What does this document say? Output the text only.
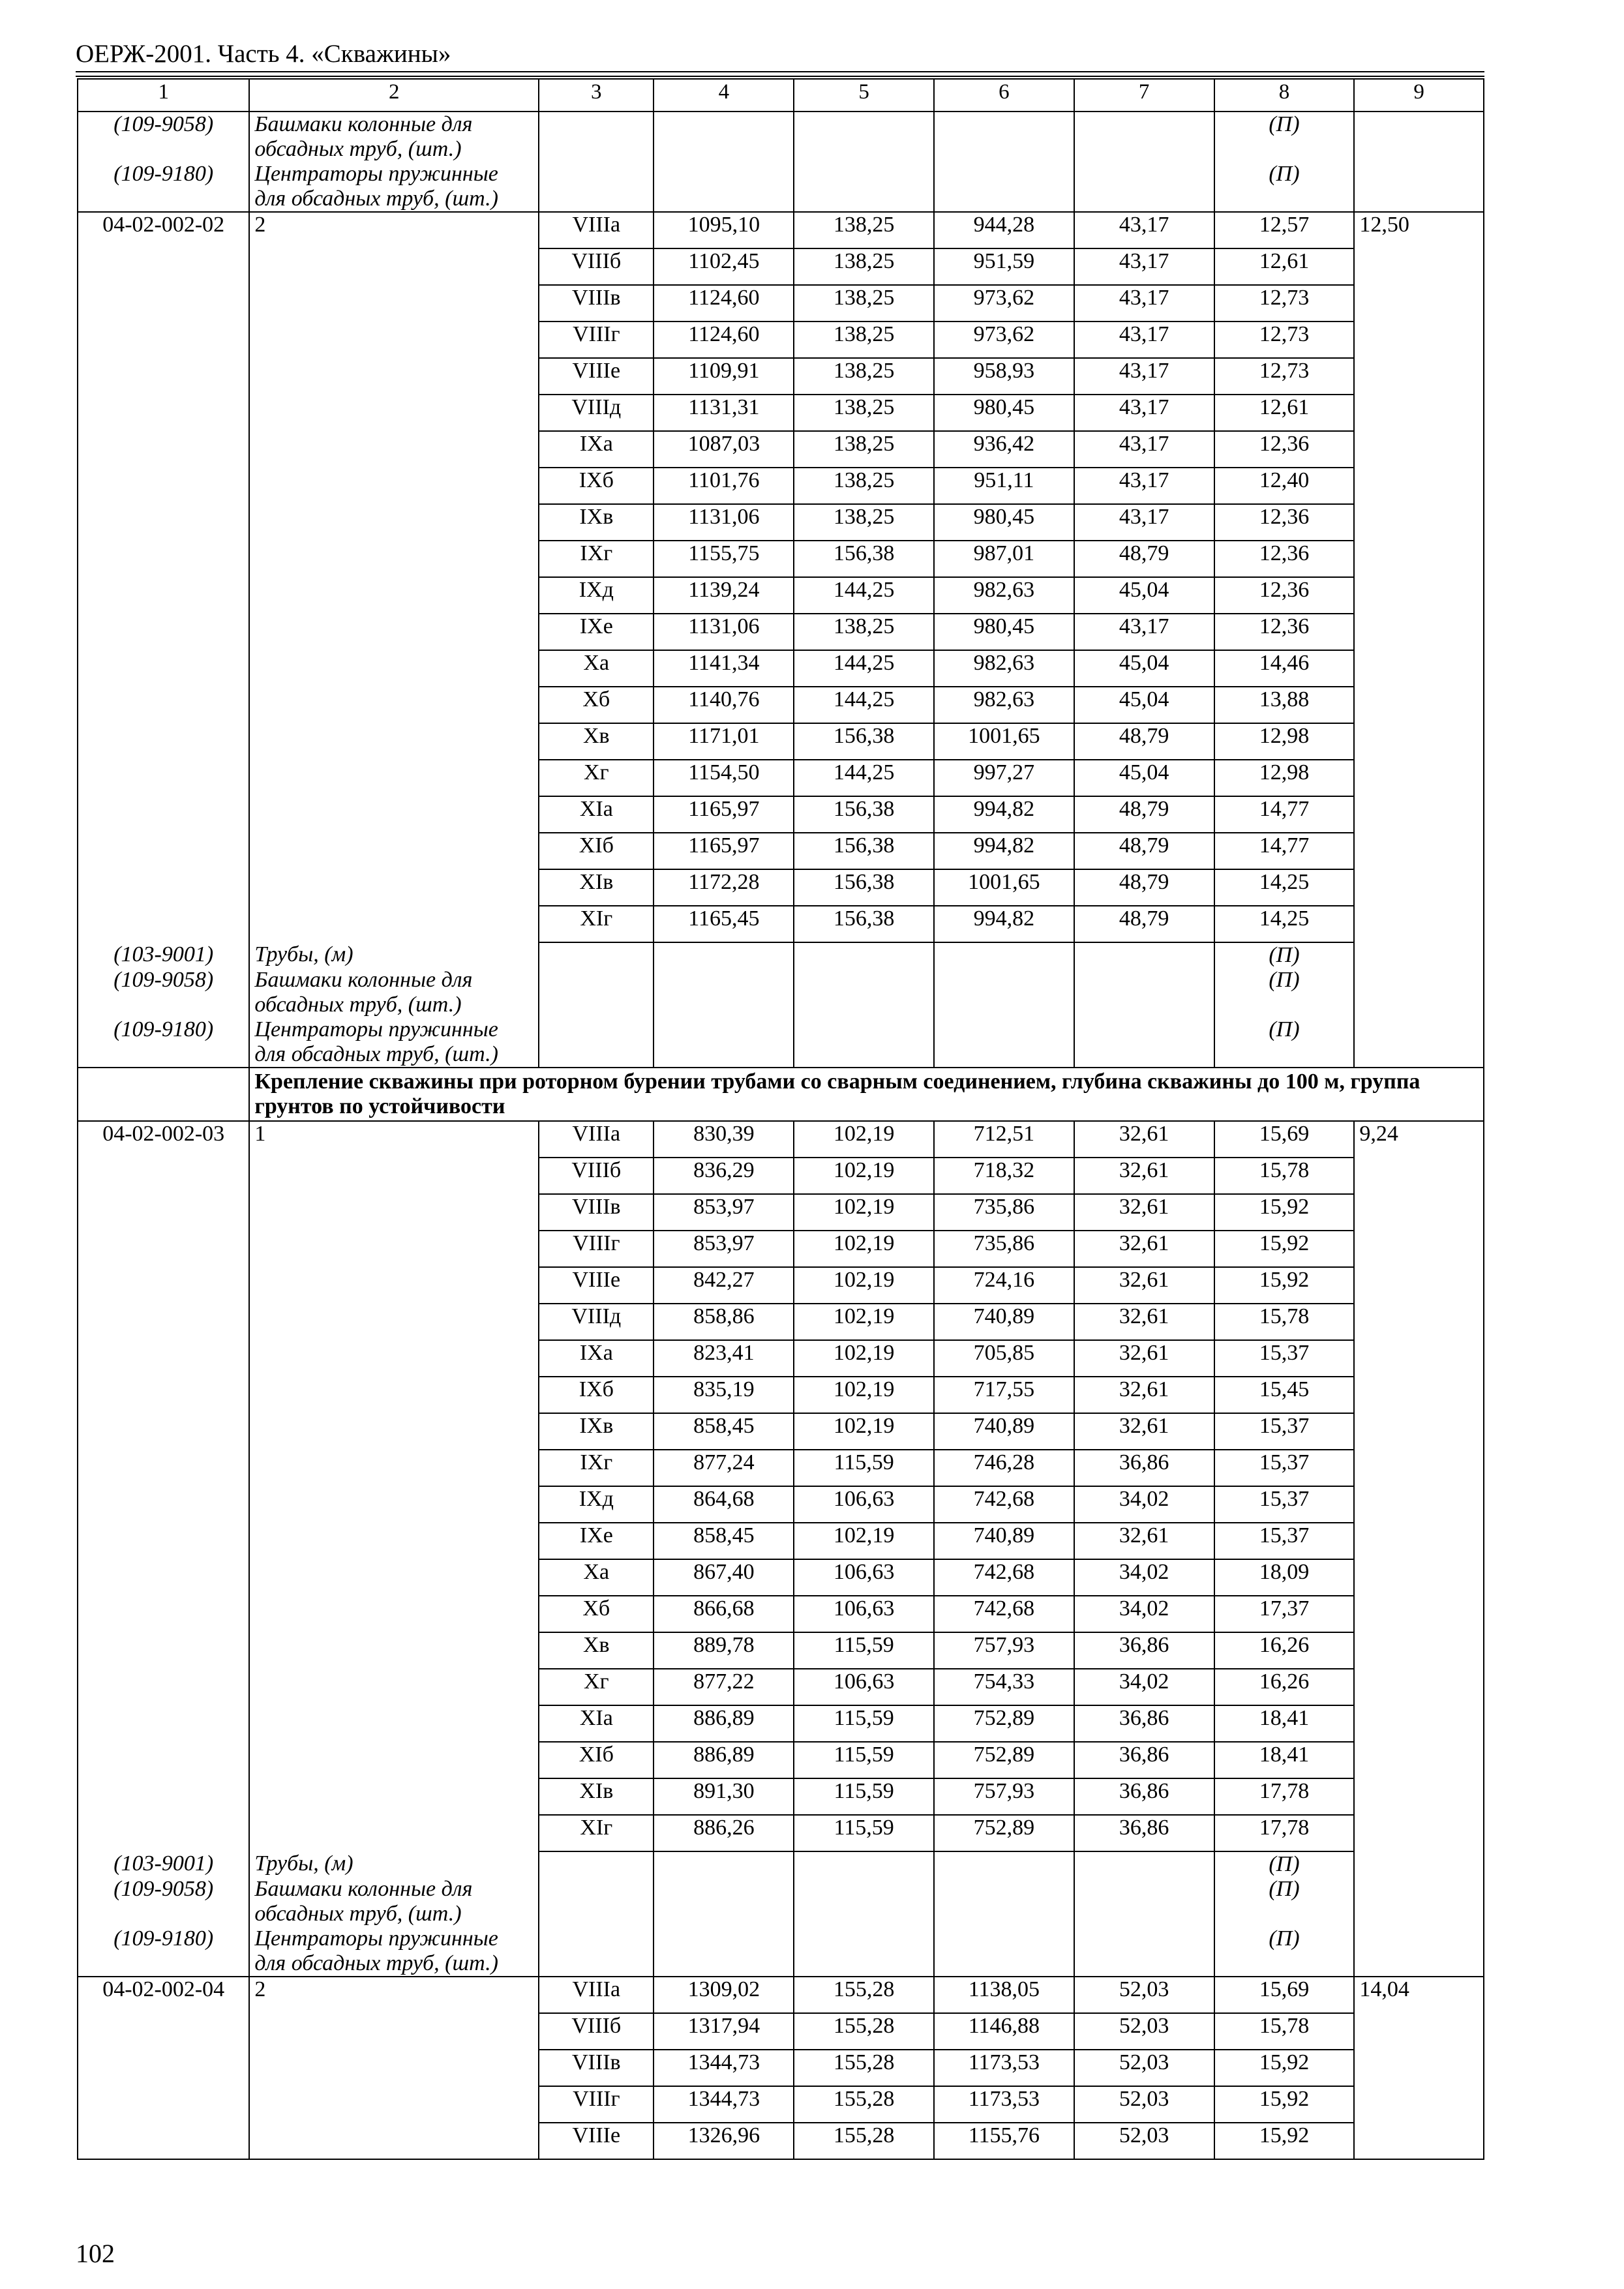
ОЕРЖ-2001. Часть 4. «Скважины»
1	2	3	4	5	6	7	8	9
(109-9058)	Башмаки колонные для обсадных труб, (шт.)						(П)	
(109-9180)	Центраторы пружинные для обсадных труб, (шт.)						(П)	
04-02-002-02	2	VIIIа	1095,10	138,25	944,28	43,17	12,57	12,50
		VIIIб	1102,45	138,25	951,59	43,17	12,61	
		VIIIв	1124,60	138,25	973,62	43,17	12,73	
		VIIIг	1124,60	138,25	973,62	43,17	12,73	
		VIIIе	1109,91	138,25	958,93	43,17	12,73	
		VIIIд	1131,31	138,25	980,45	43,17	12,61	
		IXа	1087,03	138,25	936,42	43,17	12,36	
		IXб	1101,76	138,25	951,11	43,17	12,40	
		IXв	1131,06	138,25	980,45	43,17	12,36	
		IXг	1155,75	156,38	987,01	48,79	12,36	
		IXд	1139,24	144,25	982,63	45,04	12,36	
		IXе	1131,06	138,25	980,45	43,17	12,36	
		Xа	1141,34	144,25	982,63	45,04	14,46	
		Xб	1140,76	144,25	982,63	45,04	13,88	
		Xв	1171,01	156,38	1001,65	48,79	12,98	
		Xг	1154,50	144,25	997,27	45,04	12,98	
		XIа	1165,97	156,38	994,82	48,79	14,77	
		XIб	1165,97	156,38	994,82	48,79	14,77	
		XIв	1172,28	156,38	1001,65	48,79	14,25	
		XIг	1165,45	156,38	994,82	48,79	14,25	
(103-9001)	Трубы, (м)						(П)	
(109-9058)	Башмаки колонные для обсадных труб, (шт.)						(П)	
(109-9180)	Центраторы пружинные для обсадных труб, (шт.)						(П)	
	Крепление скважины при роторном бурении трубами со сварным соединением, глубина скважины до 100 м, группа грунтов по устойчивости							
04-02-002-03	1	VIIIа	830,39	102,19	712,51	32,61	15,69	9,24
		VIIIб	836,29	102,19	718,32	32,61	15,78	
		VIIIв	853,97	102,19	735,86	32,61	15,92	
		VIIIг	853,97	102,19	735,86	32,61	15,92	
		VIIIе	842,27	102,19	724,16	32,61	15,92	
		VIIIд	858,86	102,19	740,89	32,61	15,78	
		IXа	823,41	102,19	705,85	32,61	15,37	
		IXб	835,19	102,19	717,55	32,61	15,45	
		IXв	858,45	102,19	740,89	32,61	15,37	
		IXг	877,24	115,59	746,28	36,86	15,37	
		IXд	864,68	106,63	742,68	34,02	15,37	
		IXе	858,45	102,19	740,89	32,61	15,37	
		Xа	867,40	106,63	742,68	34,02	18,09	
		Xб	866,68	106,63	742,68	34,02	17,37	
		Xв	889,78	115,59	757,93	36,86	16,26	
		Xг	877,22	106,63	754,33	34,02	16,26	
		XIа	886,89	115,59	752,89	36,86	18,41	
		XIб	886,89	115,59	752,89	36,86	18,41	
		XIв	891,30	115,59	757,93	36,86	17,78	
		XIг	886,26	115,59	752,89	36,86	17,78	
(103-9001)	Трубы, (м)						(П)	
(109-9058)	Башмаки колонные для обсадных труб, (шт.)						(П)	
(109-9180)	Центраторы пружинные для обсадных труб, (шт.)						(П)	
04-02-002-04	2	VIIIа	1309,02	155,28	1138,05	52,03	15,69	14,04
		VIIIб	1317,94	155,28	1146,88	52,03	15,78	
		VIIIв	1344,73	155,28	1173,53	52,03	15,92	
		VIIIг	1344,73	155,28	1173,53	52,03	15,92	
		VIIIе	1326,96	155,28	1155,76	52,03	15,92	
102
